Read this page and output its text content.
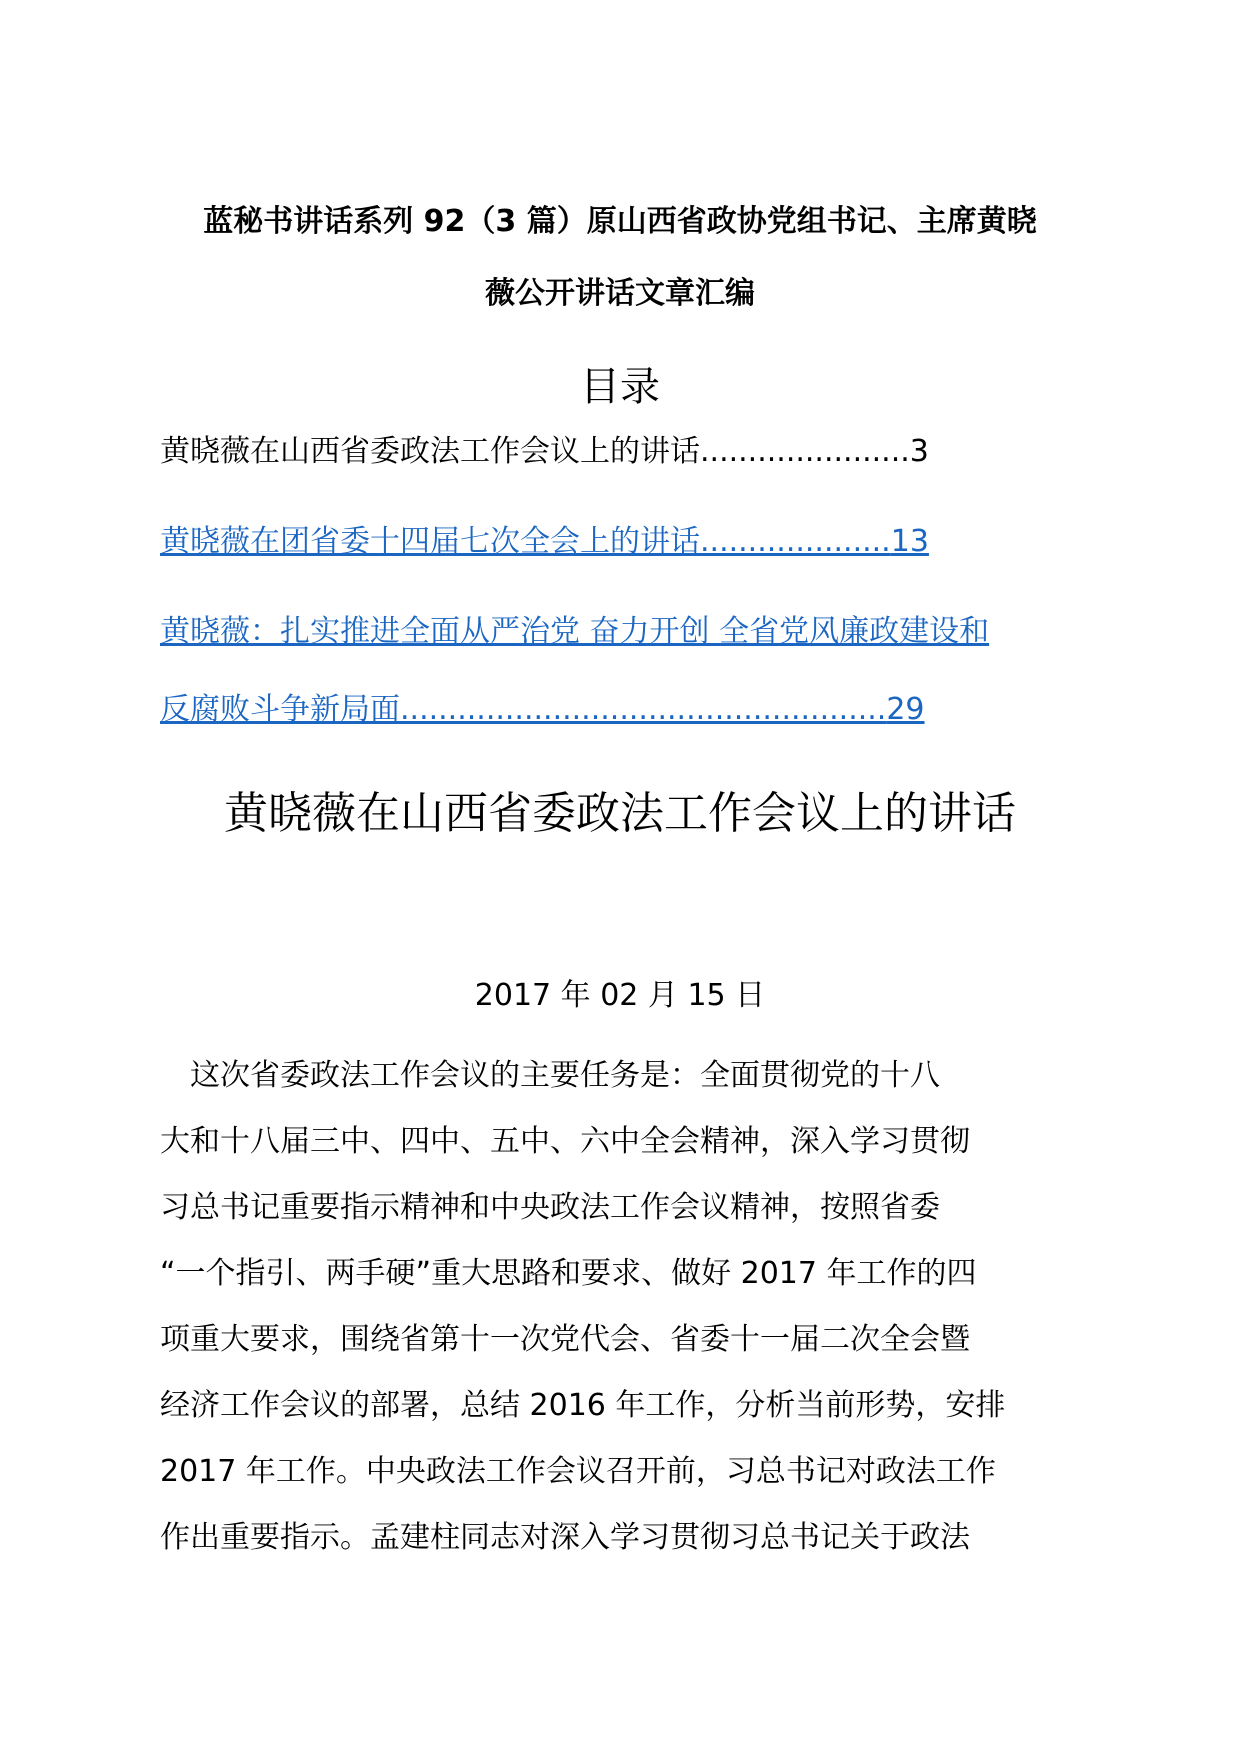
蓝秘书讲话系列 92（3 篇）原山西省政协党组书记、主席黄晓
薇公开讲话文章汇编
目录
黄晓薇在山西省委政法工作会议上的讲话......................3
黄晓薇在团省委十四届七次全会上的讲话....................13
黄晓薇：扎实推进全面从严治党 奋力开创 全省党风廉政建设和
反腐败斗争新局面...................................................29
黄晓薇在山西省委政法工作会议上的讲话
2017 年 02 月 15 日
　这次省委政法工作会议的主要任务是：全面贯彻党的十八
大和十八届三中、四中、五中、六中全会精神，深入学习贯彻
习总书记重要指示精神和中央政法工作会议精神，按照省委
“一个指引、两手硬”重大思路和要求、做好 2017 年工作的四
项重大要求，围绕省第十一次党代会、省委十一届二次全会暨
经济工作会议的部署，总结 2016 年工作，分析当前形势，安排
2017 年工作。中央政法工作会议召开前，习总书记对政法工作
作出重要指示。孟建柱同志对深入学习贯彻习总书记关于政法
